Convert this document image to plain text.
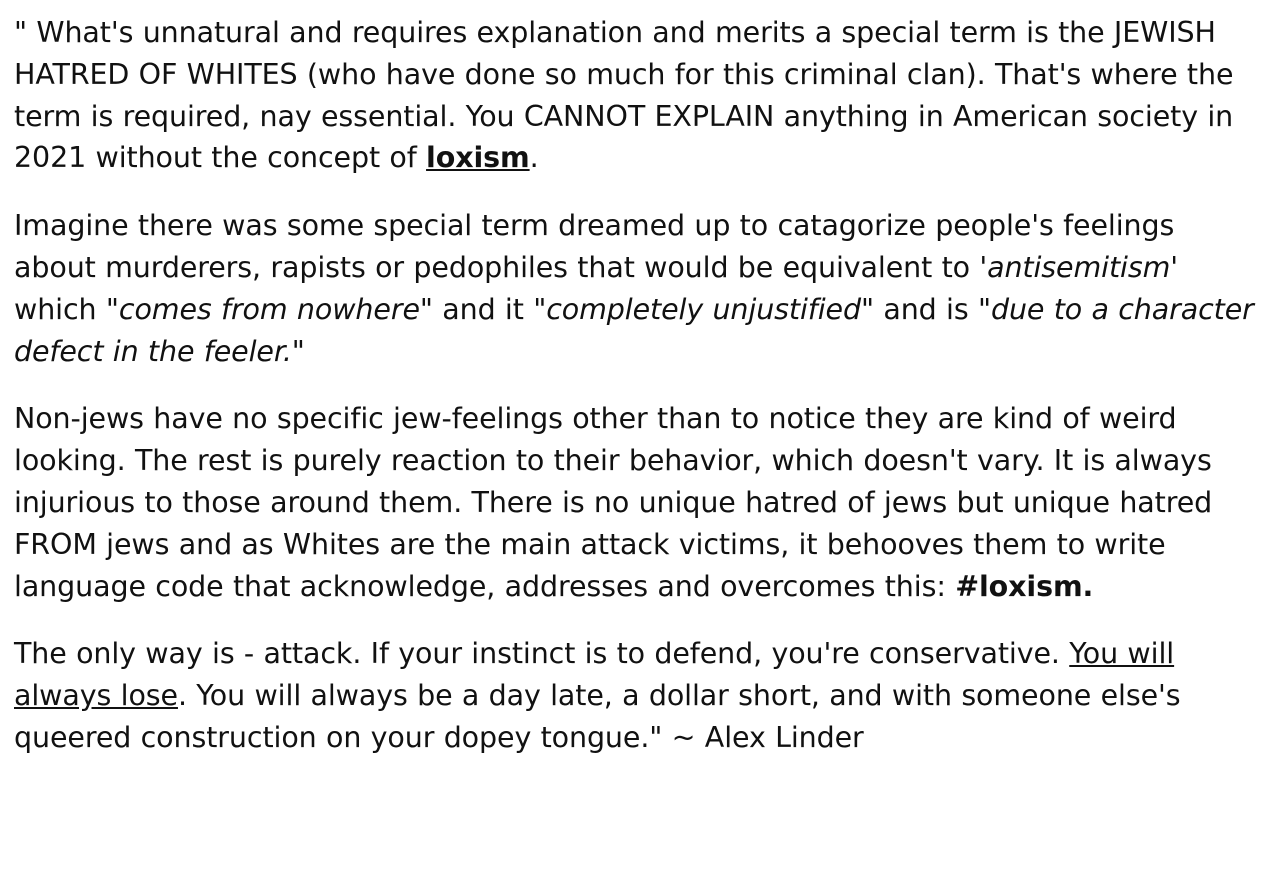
" What's unnatural and requires explanation and merits a special term is the JEWISH HATRED OF WHITES (who have done so much for this criminal clan). That's where the term is required, nay essential. You CANNOT EXPLAIN anything in American society in 2021 without the concept of loxism.

Imagine there was some special term dreamed up to catagorize people's feelings about murderers, rapists or pedophiles that would be equivalent to 'antisemitism' which "comes from nowhere" and it "completely unjustified" and is "due to a character defect in the feeler."

Non-jews have no specific jew-feelings other than to notice they are kind of weird looking. The rest is purely reaction to their behavior, which doesn't vary. It is always injurious to those around them. There is no unique hatred of jews but unique hatred FROM jews and as Whites are the main attack victims, it behooves them to write language code that acknowledge, addresses and overcomes this: #loxism.

The only way is - attack. If your instinct is to defend, you're conservative. You will always lose. You will always be a day late, a dollar short, and with someone else's queered construction on your dopey tongue." ~ Alex Linder
